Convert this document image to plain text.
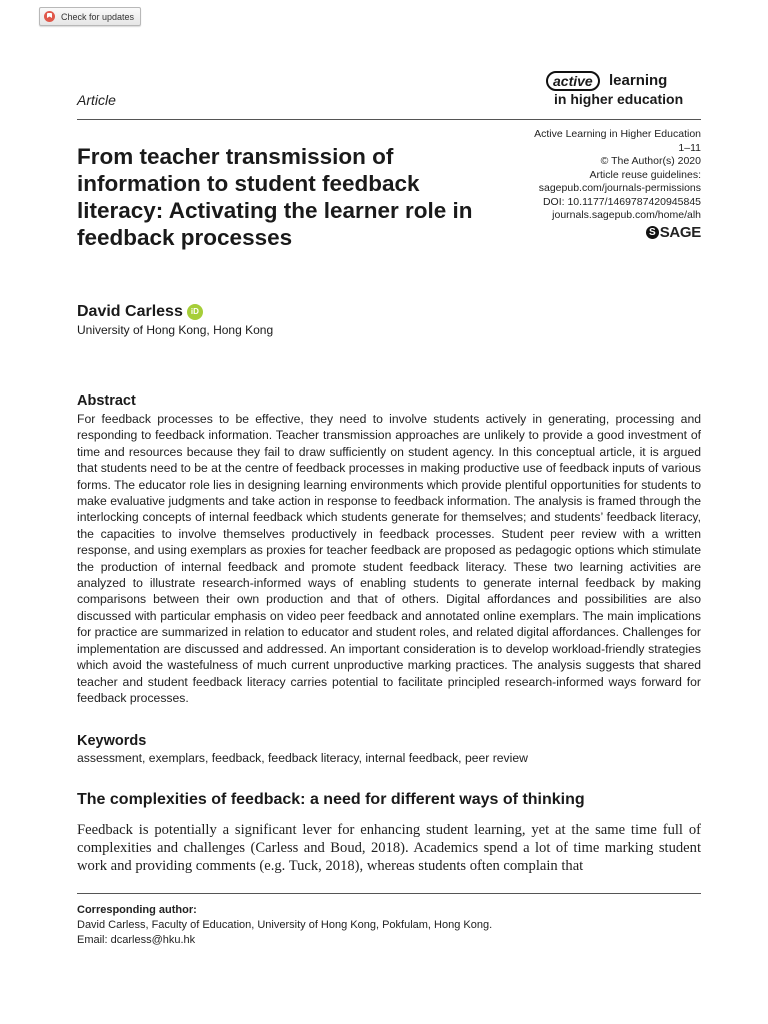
Check for updates
Article
active	learning
in higher education
From teacher transmission of information to student feedback literacy: Activating the learner role in feedback processes
Active Learning in Higher Education
1–11
© The Author(s) 2020
Article reuse guidelines:
sagepub.com/journals-permissions
DOI: 10.1177/1469787420945845
journals.sagepub.com/home/alh
S SAGE
David Carless	iD
University of Hong Kong, Hong Kong
Abstract

For feedback processes to be effective, they need to involve students actively in generating, processing and responding to feedback information. Teacher transmission approaches are unlikely to provide a good investment of time and resources because they fail to draw sufficiently on student agency. In this conceptual article, it is argued that students need to be at the centre of feedback processes in making productive use of feedback inputs of various forms. The educator role lies in designing learning environments which provide plentiful opportunities for students to make evaluative judgments and take action in response to feedback information. The analysis is framed through the interlocking concepts of internal feedback which students generate for themselves; and students’ feedback literacy, the capacities to involve themselves productively in feedback processes. Student peer review with a written response, and using exemplars as proxies for teacher feedback are proposed as pedagogic options which stimulate the production of internal feedback and promote student feedback literacy. These two learning activities are analyzed to illustrate research-informed ways of enabling students to generate internal feedback by making comparisons between their own production and that of others. Digital affordances and possibilities are also discussed with particular emphasis on video peer feedback and annotated online exemplars. The main implications for practice are summarized in relation to educator and student roles, and related digital affordances. Challenges for implementation are discussed and addressed. An important consideration is to develop workload-friendly strategies which avoid the wastefulness of much current unproductive marking practices. The analysis suggests that shared teacher and student feedback literacy carries potential to facilitate principled research-informed ways forward for feedback processes.

Keywords
assessment, exemplars, feedback, feedback literacy, internal feedback, peer review
The complexities of feedback: a need for different ways of thinking

Feedback is potentially a significant lever for enhancing student learning, yet at the same time full of complexities and challenges (Carless and Boud, 2018). Academics spend a lot of time marking student work and providing comments (e.g. Tuck, 2018), whereas students often complain that

Corresponding author:
David Carless, Faculty of Education, University of Hong Kong, Pokfulam, Hong Kong.
Email: dcarless@hku.hk
